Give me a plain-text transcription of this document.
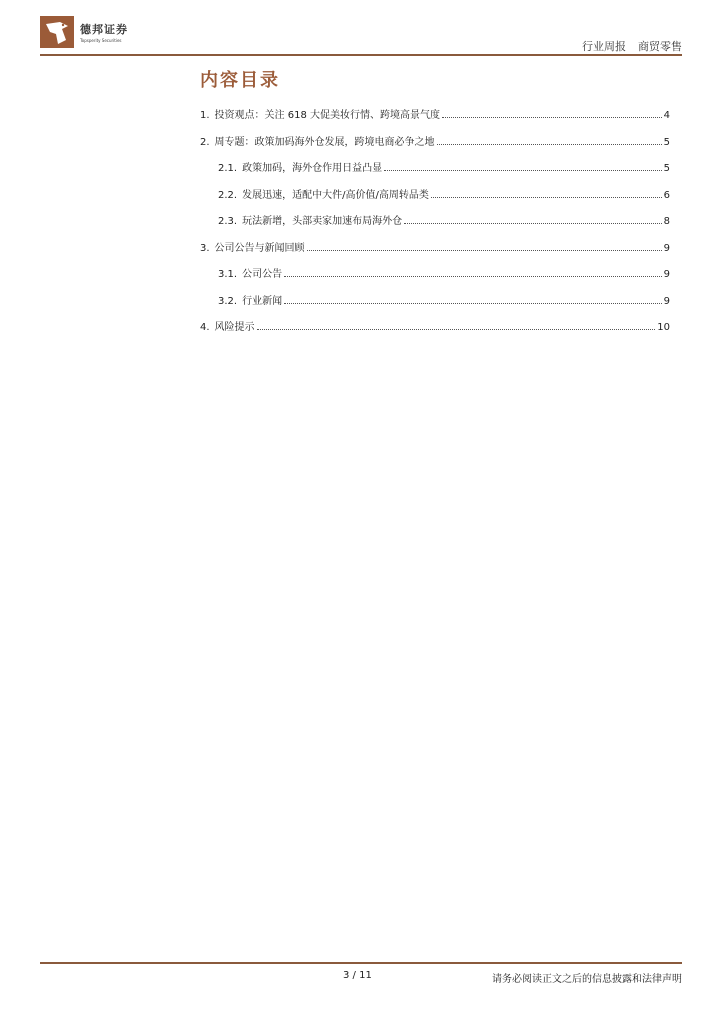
德邦证券
Topsperity Securities	行业周报 商贸零售
内容目录
1. 投资观点：关注 618 大促美妆行情、跨境高景气度	4
2. 周专题：政策加码海外仓发展，跨境电商必争之地	5
2.1. 政策加码，海外仓作用日益凸显	5
2.2. 发展迅速，适配中大件/高价值/高周转品类	6
2.3. 玩法新增，头部卖家加速布局海外仓	8
3. 公司公告与新闻回顾	9
3.1. 公司公告	9
3.2. 行业新闻	9
4. 风险提示	10
3 / 11	请务必阅读正文之后的信息披露和法律声明
